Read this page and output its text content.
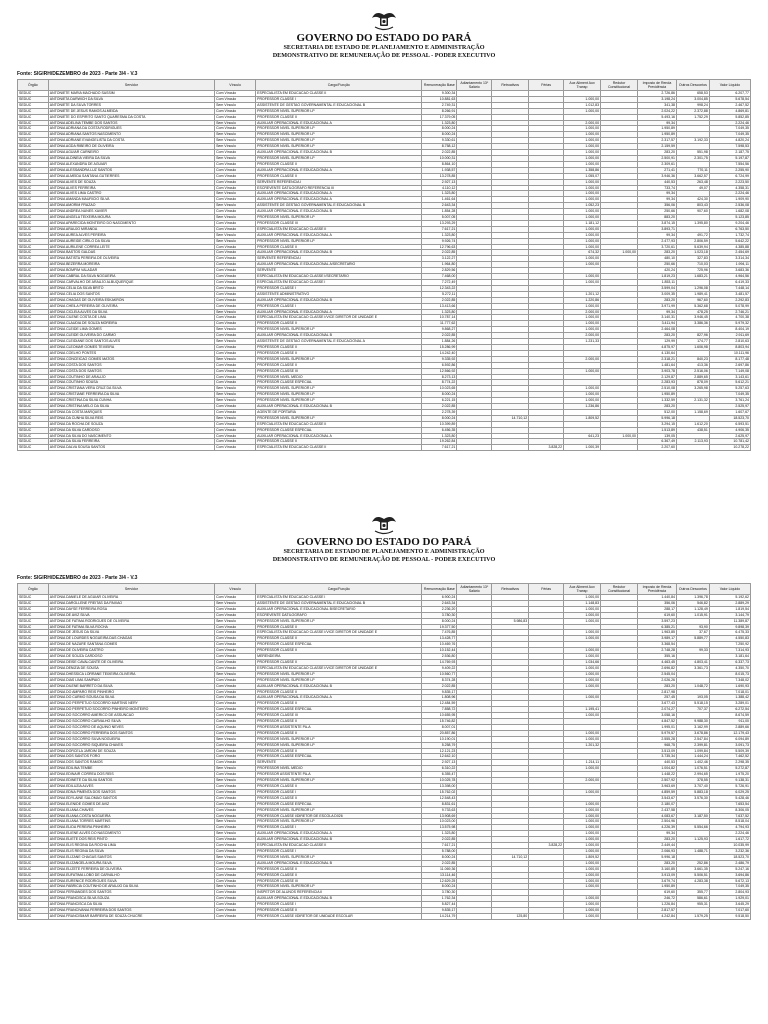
GOVERNO DO ESTADO DO PARÁ
SECRETARIA DE ESTADO DE PLANEJAMENTO E ADMINISTRAÇÃO
DEMONSTRATIVO DE REMUNERAÇÃO DE PESSOAL - PODER EXECUTIVO
Fonte: SIGIRH/DEZEMBRO de 2023 - Parte 3/4 - V.3
Órgão	Servidor	Vínculo	Cargo/Função	Remuneração Base	Adiantamento 13º Salário	Retroativos	Férias	Aux Aliment Aux Transp	Redutor Constitucional	Imposto de Renda Previdência	Outros Descontos	Valor Líquido
SEDUC	ANTONIETE MARIA MACHADO SASSIM	Com Vínculo	ESPECIALISTA EM EDUCACAO CLASSE II	9.300,34						2.726,86	658,53	6.207,77
SEDUC	ANTONIETA DARWICH DA SILVA	Com Vínculo	PROFESSOR CLASSE I	10.881,63				1.000,00		3.198,24	3.004,85	5.678,54
SEDUC	ANTONIETE DA SILVA TORRES	Sem Vínculo	ASSISTENTE DE GESTAO GOVERNAMENTAL E EDUCACIONAL B	2.749,31				1.012,83		341,38	998,24	2.467,52
SEDUC	ANTONIETE DE JESUS RAMOS ALMEIDA	Com Vínculo	PROFESSOR NIVEL SUPERIOR LP	8.266,91				1.000,00		2.024,22	2.372,88	4.869,81
SEDUC	ANTONIETE DO ESPIRITO SANTO QUARESMA DA COSTA	Com Vínculo	PROFESSOR CLASSE II	17.379,05						5.493,16	1.752,29	5.852,85
SEDUC	ANTONIA ADELINA TEMBE DOS SANTOS	Sem Vínculo	AUXILIAR OPERACIONAL E EDUCACIONAL A	1.323,80				2.000,00		99,34		2.224,46
SEDUC	ANTONIA ADRIANA DA COSTA RODRIGUES	Com Vínculo	PROFESSOR NIVEL SUPERIOR LP	8.000,24				1.000,00		1.950,89		7.049,35
SEDUC	ANTONIA ADRIANA SANTOS NASCIMENTO	Sem Vínculo	PROFESSOR NIVEL SUPERIOR LP	8.000,24				1.000,00		1.950,89		7.049,35
SEDUC	ANTONIA ADRIANE EVANGELISTA DA COSTA	Sem Vínculo	PROFESSOR NIVEL SUPERIOR LP	9.330,61				1.000,00		2.317,57	3.192,33	4.820,24
SEDUC	ANTONIA AGDA RIBEIRO DE OLIVEIRA	Sem Vínculo	PROFESSOR NIVEL SUPERIOR LP	8.758,12				1.000,00		2.159,59		7.598,53
SEDUC	ANTONIA AGUIAR CARNEIRO	Com Vínculo	AUXILIAR OPERACIONAL E EDUCACIONAL B	2.022,85				1.000,00		283,20	551,98	2.187,75
SEDUC	ANTONIA ALDINEIA VIEIRA DA SILVA	Sem Vínculo	PROFESSOR NIVEL SUPERIOR LP	10.000,31				1.000,00		2.500,91	2.301,75	5.197,87
SEDUC	ANTONIA ALEXANDRA DE AGUIAR	Com Vínculo	PROFESSOR CLASSE II	8.864,10				1.000,00		2.309,61		7.554,56
SEDUC	ANTONIA ALESSANDRA LUZ SANTOS	Com Vínculo	AUXILIAR OPERACIONAL E EDUCACIONAL A	1.938,57				1.358,86		271,41	770,11	2.255,90
SEDUC	ANTONIA ALMEIDA SANTANA GUTIERRES	Com Vínculo	PROFESSOR CLASSE II	13.278,85				1.055,07		3.946,36	3.662,57	6.724,99
SEDUC	ANTONIA ALVES DE SOUZA	Com Vínculo	SERVENTE REFERENCIA I	2.927,13				1.000,00		440,53	263,48	2.223,50
SEDUC	ANTONIA ALVES FERREIRA	Com Vínculo	ESCREVENTE DATILOGRAFO REFERENCIA III	4.110,12				1.000,00		733,74	49,07	4.358,31
SEDUC	ANTONIA ALVES LIMA CASTRO	Sem Vínculo	AUXILIAR OPERACIONAL E EDUCACIONAL A	1.323,80				1.000,00		99,34		2.224,46
SEDUC	ANTONIA AMANDA MAURICIO SILVA	Com Vínculo	AUXILIAR OPERACIONAL E EDUCACIONAL A	1.461,64				1.000,00		99,34	424,30	1.909,90
SEDUC	ANTONIA AMORIM FRAZAO	Sem Vínculo	ASSISTENTE DE GESTAO GOVERNAMENTAL E EDUCACIONAL B	2.643,34				1.052,23		356,06	803,43	2.536,08
SEDUC	ANTONIA ANDREA NUNES XAVIER	Com Vínculo	AUXILIAR OPERACIONAL E EDUCACIONAL B	1.854,28				1.000,00		250,66	907,60	1.682,08
SEDUC	ANTONIA ANGELA TEIXEIRA MOURA	Sem Vínculo	PROFESSOR NIVEL SUPERIOR LP	5.007,05				1.000,00		883,20		5.123,85
SEDUC	ANTONIA APARECIDA MONTEIRO DO NASCIMENTO	Com Vínculo	PROFESSOR CLASSE III	13.293,29				1.181,12		3.874,15	1.395,80	9.204,46
SEDUC	ANTONIA ARAUJO MIRANDA	Com Vínculo	ESPECIALISTA EM EDUCACAO CLASSE II	7.617,21				1.000,00		3.893,71		6.763,50
SEDUC	ANTONIA AUREA ALVES PEREIRA	Sem Vínculo	AUXILIAR OPERACIONAL E EDUCACIONAL A	1.323,80				1.000,00		99,34	491,72	1.732,74
SEDUC	ANTONIA AUREIDE CIRILO DA SILVA	Sem Vínculo	PROFESSOR NIVEL SUPERIOR LP	9.926,74				1.000,00		2.477,93	2.806,59	5.642,22
SEDUC	ANTONIA AURILENE CORREA LEITE	Com Vínculo	PROFESSOR CLASSE II	12.796,63				1.000,00		3.720,61	5.639,94	4.385,88
SEDUC	ANTONIA BASTOS GALDAS	Com Vínculo	AUXILIAR OPERACIONAL E EDUCACIONAL B	2.022,85				674,32	1.000,00	283,20	1.023,18	2.454,69
SEDUC	ANTONIA BATISTA PEREIRA DE OLIVEIRA	Com Vínculo	SERVENTE REFERENCIA I	3.122,27				1.000,00		480,10	327,83	3.314,34
SEDUC	ANTONIA BEZERRA MOREIRA	Com Vínculo	AUXILIAR OPERACIONAL E EDUCACIONAL A/SECRETARIO	1.964,80				1.000,00		250,66	710,03	1.994,11
SEDUC	ANTONIA BOMFIM VALADAR	Com Vínculo	SERVENTE	2.829,56						420,24	725,96	3.683,36
SEDUC	ANTONIA CABRAL DA SILVA NOGUEIRA	Com Vínculo	ESPECIALISTA EM EDUCACAO CLASSE I/SECRETARIO	7.468,00				1.000,00		1.819,23	1.683,21	4.964,56
SEDUC	ANTONIA CARVALHO DE ARAUJO ALBUQUERQUE	Com Vínculo	ESPECIALISTA EM EDUCACAO CLASSE I	7.272,49				1.000,00		1.853,11		6.419,33
SEDUC	ANTONIA CELIA DA SILVA BRITO	Com Vínculo	PROFESSOR CLASSE I	12.343,22						3.599,04	1.296,08	7.448,14
SEDUC	ANTONIA CELIA DOS SANTOS	Com Vínculo	ASSISTENTE ADMINISTRATIVO	5.272,11				1.201,12		3.009,35	1.989,41	3.481,57
SEDUC	ANTONIA CHAGAS DE OLIVEIRA ESKAKRON	Com Vínculo	AUXILIAR OPERACIONAL E EDUCACIONAL B	2.022,85				1.220,86		283,20	967,60	2.292,83
SEDUC	ANTONIA CHEILA PEREIRA DE OLIVEIRA	Com Vínculo	PROFESSOR CLASSE I	13.413,66				1.000,00		3.971,99	5.362,68	5.078,99
SEDUC	ANTONIA CICLEIA ALVES DA SILVA	Sem Vínculo	AUXILIAR OPERACIONAL E EDUCACIONAL A	1.323,80				2.000,00		99,34	478,25	2.746,21
SEDUC	ANTONIA CILENE COSTA DE LIMA	Com Vínculo	ESPECIALISTA EM EDUCACAO CLASSE I/VICE DIRETOR DE UNIDADE E	10.787,14				1.000,00		3.140,31	3.946,45	4.700,38
SEDUC	ANTONIA CLAUDIA DE SOUZA MOREIRA	Com Vínculo	PROFESSOR CLASSE II	11.777,62				1.000,00		3.411,94	3.386,36	5.979,32
SEDUC	ANTONIA CLEIDE LIMA GOMES	Sem Vínculo	PROFESSOR NIVEL SUPERIOR LP	9.868,27				1.000,00		2.464,08		8.404,19
SEDUC	ANTONIA CLEIDE OLIVEIRA DO CARMO	Com Vínculo	AUXILIAR OPERACIONAL E EDUCACIONAL B	2.022,85				2.000,00		283,20	827,96	2.911,69
SEDUC	ANTONIA CLEIDIANE DOS SANTOS ALVES	Sem Vínculo	ASSISTENTE DE GESTAO GOVERNAMENTAL E EDUCACIONAL A	1.884,26				1.231,33		129,99	174,77	2.810,63
SEDUC	ANTONIA CLEOMAR GOMES TEIXEIRA	Com Vínculo	PROFESSOR CLASSE II	15.286,99						4.875,97	1.606,98	8.803,94
SEDUC	ANTONIA COELHO PONTES	Com Vínculo	PROFESSOR CLASSE II	14.242,40						4.130,64		10.111,96
SEDUC	ANTONIA CONCEICAO GOMES MATOS	Sem Vínculo	PROFESSOR NIVEL SUPERIOR LP	9.335,92				2.000,00		2.318,21	840,23	8.177,48
SEDUC	ANTONIA COSTA DOS SANTOS	Com Vínculo	PROFESSOR CLASSE II	6.592,86						1.481,64	413,36	2.697,86
SEDUC	ANTONIA COSTA DOS SANTOS	Com Vínculo	PROFESSOR CLASSE III	12.566,92				1.000,00		3.903,78	2.516,06	7.149,08
SEDUC	ANTONIA COUTINHO DE ARAUJO	Com Vínculo	PROFESSOR NIVEL MEDIO	8.273,13						2.129,87	2.889,65	3.143,61
SEDUC	ANTONIA COUTINHO SOUSA	Com Vínculo	PROFESSOR CLASSE ESPECIAL	8.774,22						2.283,93	878,09	5.612,21
SEDUC	ANTONIA CRISTIANA VERA CRUZ DA SILVA	Sem Vínculo	PROFESSOR NIVEL SUPERIOR LP	10.023,65				1.000,00		2.510,08	3.265,98	5.257,63
SEDUC	ANTONIA CRISTIANE FERREIRA DA SILVA	Sem Vínculo	PROFESSOR NIVEL SUPERIOR LP	8.000,24				1.000,00		1.950,89		7.049,35
SEDUC	ANTONIA CRISTINA DA SILVA CUNHA	Sem Vínculo	PROFESSOR NIVEL SUPERIOR LP	6.221,15				1.000,00		1.332,59	2.131,32	3.761,24
SEDUC	ANTONIA CRISTINA MELO DA SILVA	Com Vínculo	AUXILIAR OPERACIONAL E EDUCACIONAL B	2.022,85				1.236,86		283,20		2.525,97
SEDUC	ANTONIA DA COSTA MARQUES	Com Vínculo	AGENTE DE PORTARIA	2.278,39						512,00	1.158,69	1.607,67
SEDUC	ANTONIA DA CUNHA SILVA REIS	Sem Vínculo	PROFESSOR NIVEL SUPERIOR LP	8.000,24		14.710,12		1.809,52		5.996,18		18.523,70
SEDUC	ANTONIA DA ROCHA DE SOUZA	Com Vínculo	ESPECIALISTA EM EDUCACAO CLASSE II	10.399,89						3.294,15	1.612,20	6.593,51
SEDUC	ANTONIA DA SILVA CARDOSO	Com Vínculo	PROFESSOR CLASSE ESPECIAL	6.456,35						1.513,89	438,51	4.906,35
SEDUC	ANTONIA DA SILVA DO NASCIMENTO	Com Vínculo	AUXILIAR OPERACIONAL E EDUCACIONAL A	1.323,80				641,23	1.000,00	139,05		2.625,97
SEDUC	ANTONIA DA SILVA FERREIRA	Com Vínculo	PROFESSOR CLASSE II	19.262,84						6.367,49	2.113,93	10.781,42
SEDUC	ANTONIA DALVA SOUSA SANTOS	Com Vínculo	ESPECIALISTA EM EDUCACAO CLASSE II	7.617,21			3.828,22	1.000,39		2.207,60		10.278,22
GOVERNO DO ESTADO DO PARÁ
SECRETARIA DE ESTADO DE PLANEJAMENTO E ADMINISTRAÇÃO
DEMONSTRATIVO DE REMUNERAÇÃO DE PESSOAL - PODER EXECUTIVO
Fonte: SIGIRH/DEZEMBRO de 2023 - Parte 3/4 - V.3
Órgão	Servidor	Vínculo	Cargo/Função	Remuneração Base	Adiantamento 13º Salário	Retroativos	Férias	Aux Aliment Aux Transp	Redutor Constitucional	Imposto de Renda Previdência	Outros Descontos	Valor Líquido
SEDUC	ANTONIA DANIELE DE AGUIAR OLIVEIRA	Com Vínculo	ESPECIALISTA EM EDUCACAO CLASSE I	6.900,24				1.000,00		1.440,84	1.396,78	5.192,62
SEDUC	ANTONIA DAROLLENE FREITAS DA PAIXAO	Sem Vínculo	ASSISTENTE DE GESTAO GOVERNAMENTAL E EDUCACIONAL B	2.643,34				1.148,83		356,06	546,82	2.889,29
SEDUC	ANTONIA DAYSE FERREIRA ROSA	Com Vínculo	AUXILIAR OPERACIONAL E EDUCACIONAL B/SECRETARIO	2.236,20				1.000,00		288,17	1.128,49	1.819,54
SEDUC	ANTONIA DE AVIZ SILVA	Com Vínculo	ESCREVENTE DATILOGRAFO	3.780,30				1.000,00		619,60	1.015,91	3.144,79
SEDUC	ANTONIA DE FATIMA RODRIGUES DE OLIVEIRA	Sem Vínculo	PROFESSOR NIVEL SUPERIOR LP	8.000,24		5.986,83		1.000,00		3.597,23		11.389,87
SEDUC	ANTONIA DE FATIMA SILVA ROCHA	Com Vínculo	PROFESSOR CLASSE II	19.377,50						6.385,21	93,90	9.898,39
SEDUC	ANTONIA DE JESUS DA SILVA	Com Vínculo	ESPECIALISTA EM EDUCACAO CLASSE I/VICE DIRETOR DE UNIDADE E	7.476,85				1.000,00		1.963,85	37,67	6.475,33
SEDUC	ANTONIA DE LOURDES NOGUEIRA DAS CHAGAS	Com Vínculo	PROFESSOR CLASSE II	13.428,77				1.000,00		3.989,17	5.889,77	4.550,83
SEDUC	ANTONIA DE NAZARE SANTANA GOMES	Com Vínculo	PROFESSOR CLASSE ESPECIAL	10.469,76						3.368,54		7.250,92
SEDUC	ANTONIA DE OLIVEIRA CASTRO	Com Vínculo	PROFESSOR CLASSE II	10.152,44				1.000,00		2.748,28	99,33	7.314,93
SEDUC	ANTONIA DE SOUZA CARDOSO	Com Vínculo	MERENDEIRA	2.536,80				1.000,00		355,16		3.181,64
SEDUC	ANTONIA DEISE CAVALCANTE DE OLIVEIRA	Com Vínculo	PROFESSOR CLASSE II	14.769,93				1.034,66		4.463,45	4.803,41	6.337,73
SEDUC	ANTONIA DENIZIA DE SOUSA	Com Vínculo	ESPECIALISTA EM EDUCACAO CLASSE I/VICE DIRETOR DE UNIDADE E	9.409,22				1.000,00		2.696,82	3.361,73	4.350,70
SEDUC	ANTONIA DHESSICA LORRANE TEIXEIRA OLIVEIRA	Sem Vínculo	PROFESSOR NIVEL SUPERIOR LP	10.560,77				1.000,00		2.545,04		8.015,73
SEDUC	ANTONIA DIAS LIMA SAMPAIO	Com Vínculo	PROFESSOR NIVEL SUPERIOR LP	8.374,28				1.000,00		2.026,26		7.348,02
SEDUC	ANTONIA DILENE BARRETO DA SILVA	Com Vínculo	AUXILIAR OPERACIONAL E EDUCACIONAL B	2.022,85				1.000,00		283,20	1.048,72	1.690,93
SEDUC	ANTONIA DO AMPARO REIS PINHEIRO	Com Vínculo	PROFESSOR CLASSE II	9.835,17						2.817,98		7.018,01
SEDUC	ANTONIA DO CARMO SOUSA DA SILVA	Com Vínculo	AUXILIAR OPERACIONAL E EDUCACIONAL A	1.808,96				1.000,00		257,45	193,05	1.388,42
SEDUC	ANTONIA DO PERPETUO SOCORRO MARTINS NERY	Com Vínculo	PROFESSOR CLASSE II	12.484,59						3.677,43	5.518,15	3.289,01
SEDUC	ANTONIA DO PERPETUO SOCORRO PINHEIRO MONTEIRO	Com Vínculo	PROFESSOR CLASSE ESPECIAL	7.858,72				1.195,41		2.074,27	707,37	6.272,54
SEDUC	ANTONIA DO SOCORRO AMERICO DE ASSUNCAO	Com Vínculo	PROFESSOR CLASSE III	10.655,95				1.000,00		3.058,16		8.674,59
SEDUC	ANTONIA DO SOCORRO CARVALHO SILVA	Com Vínculo	PROFESSOR CLASSE II	15.746,82						4.847,52	9.988,30	911,00
SEDUC	ANTONIA DO SOCORRO DE AQUINO NEVES	Com Vínculo	PROFESSOR ASSISTENTE PA-A	8.007,01						1.995,01	3.162,99	2.889,66
SEDUC	ANTONIA DO SOCORRO FERREIRA DOS SANTOS	Com Vínculo	PROFESSOR CLASSE II	20.857,86				1.000,00		5.979,57	3.678,86	12.179,43
SEDUC	ANTONIA DO SOCORRO SILVA NOGUEIRA	Sem Vínculo	PROFESSOR NIVEL SUPERIOR LP	10.190,01				1.000,00		2.555,28	2.547,84	6.094,89
SEDUC	ANTONIA DO SOCORRO SIQUEIRA CHAVES	Com Vínculo	PROFESSOR NIVEL SUPERIOR LP	5.258,79				1.201,32		968,75	2.399,81	3.091,73
SEDUC	ANTONIA DORCELA JARDIM DE SOUZA	Com Vínculo	PROFESSOR CLASSE II	12.121,23						3.513,09	1.099,84	5.509,39
SEDUC	ANTONIA DOS SANTOS FORO	Com Vínculo	PROFESSOR CLASSE ESPECIAL	12.642,10						3.735,34	1.444,24	7.462,52
SEDUC	ANTONIA DOS SANTOS RAMOS	Com Vínculo	SERVENTE	2.927,13				1.214,11		440,53	1.402,46	2.298,35
SEDUC	ANTONIA EDILINA TEMBE	Sem Vínculo	PROFESSOR NIVEL MEDIO	6.310,22				1.000,00		1.004,82	1.076,51	5.272,87
SEDUC	ANTONIA EDINAIR CORREA DOS REIS	Com Vínculo	PROFESSOR ASSISTENTE PA-A	6.355,47						1.448,22	2.994,65	1.975,20
SEDUC	ANTONIA EDINETE DA SILVA SANTOS	Sem Vínculo	PROFESSOR NIVEL SUPERIOR LP	10.025,78				2.000,00		2.507,92	378,55	9.138,31
SEDUC	ANTONIA EDILUZIA ALVES	Com Vínculo	PROFESSOR CLASSE II	13.398,00						3.963,69	3.707,40	5.726,91
SEDUC	ANTONIA EDNA PIMENTA DOS SANTOS	Com Vínculo	PROFESSOR CLASSE I	15.762,02				1.000,00		4.859,59	5.883,18	6.029,25
SEDUC	ANTONIA EDYLAINE SALOMAO SANTOS	Com Vínculo	PROFESSOR CLASSE II	12.548,43						3.543,67	3.576,30	5.428,46
SEDUC	ANTONIA ELENIDE GOMES DE AVIZ	Com Vínculo	PROFESSOR CLASSE ESPECIAL	8.831,61				1.000,00		2.180,07		7.653,54
SEDUC	ANTONIA ELIANA CHAVES	Com Vínculo	PROFESSOR NIVEL SUPERIOR LP	9.733,63				1.000,00		2.437,58		8.306,05
SEDUC	ANTONIA ELIANA COSTA NOGUEIRA	Com Vínculo	PROFESSOR CLASSE I/DIRETOR DE ESCOLA D026	13.908,69				1.000,00		4.083,67	3.187,50	7.637,52
SEDUC	ANTONIA ELIANA TORRES MARTINS	Sem Vínculo	PROFESSOR NIVEL SUPERIOR LP	10.023,00				1.000,00		2.504,96		8.518,04
SEDUC	ANTONIA ELIDA PEREIRA PINHEIRO	Com Vínculo	PROFESSOR CLASSE I	13.575,98				1.000,00		4.226,39	5.554,66	4.794,93
SEDUC	ANTONIA ELIENE ALVES DO NASCIMENTO	Sem Vínculo	AUXILIAR OPERACIONAL E EDUCACIONAL A	1.323,80				1.000,00		99,34		2.224,46
SEDUC	ANTONIA ELIETE DOS REIS PINTO	Com Vínculo	AUXILIAR OPERACIONAL E EDUCACIONAL B	2.022,85				1.000,00		283,20	1.125,93	1.617,72
SEDUC	ANTONIA ELIS REGINA DA ROCHA LIMA	Com Vínculo	ESPECIALISTA EM EDUCACAO CLASSE II	7.617,21			3.828,22	1.000,00		2.449,44		10.035,99
SEDUC	ANTONIA ELIS REGINA DA SILVA	Com Vínculo	PROFESSOR CLASSE I	5.788,00				1.000,00		2.066,93	1.488,71	3.232,36
SEDUC	ANTONIA ELIZANE CHAGAS SANTOS	Sem Vínculo	PROFESSOR NIVEL SUPERIOR LP	8.000,24		14.710,12		1.809,52		5.996,18		18.523,70
SEDUC	ANTONIA ELIZANGELA MOURA SILVA	Com Vínculo	AUXILIAR OPERACIONAL E EDUCACIONAL B	2.022,85				1.000,00		283,20	252,86	2.486,79
SEDUC	ANTONIA ELIZETE FERREIRA DE OLIVEIRA	Com Vínculo	PROFESSOR CLASSE II	11.069,36				1.000,00		3.160,85	3.661,35	5.247,16
SEDUC	ANTONIA EUFATIMA LOBO DE CARVALHO	Com Vínculo	PROFESSOR CLASSE II	13.114,46				1.000,00		3.913,09	5.506,51	3.694,86
SEDUC	ANTONIA EURENICE RODRIGUES SILVA	Com Vínculo	PROFESSOR CLASSE III	12.629,25				1.000,00		3.679,74	4.283,38	5.672,13
SEDUC	ANTONIA FABRICIA COUTINHO DE ARAUJO DA SILVA	Sem Vínculo	PROFESSOR NIVEL SUPERIOR LP	8.000,24				1.000,00		1.950,89		7.049,35
SEDUC	ANTONIA FERNANDES DOS SANTOS	Com Vínculo	INSPETOR DE ALUNOS REFERENCIA II	3.780,30						619,60	355,77	2.804,93
SEDUC	ANTONIA FRANCISCA SILVA SOUZA	Com Vínculo	AUXILIAR OPERACIONAL E EDUCACIONAL B	1.762,34				1.000,00		246,72	586,61	1.929,01
SEDUC	ANTONIA FRANCISCA DA SILVA	Com Vínculo	PROFESSOR CLASSE I	5.827,44				1.000,00		1.226,84	955,31	3.645,29
SEDUC	ANTONIA FRANCIVANIA FERREIRA DOS SANTOS	Com Vínculo	PROFESSOR CLASSE II	9.835,17				1.000,00		2.817,57		7.017,60
SEDUC	ANTONIA FRANCISMAR BARREIRA DE SOUZA CHUCRE	Com Vínculo	PROFESSOR CLASSE I/DIRETOR DE UNIDADE ESCOLAR	14.214,79		125,80		1.000,00		4.242,84	1.579,25	9.518,50
